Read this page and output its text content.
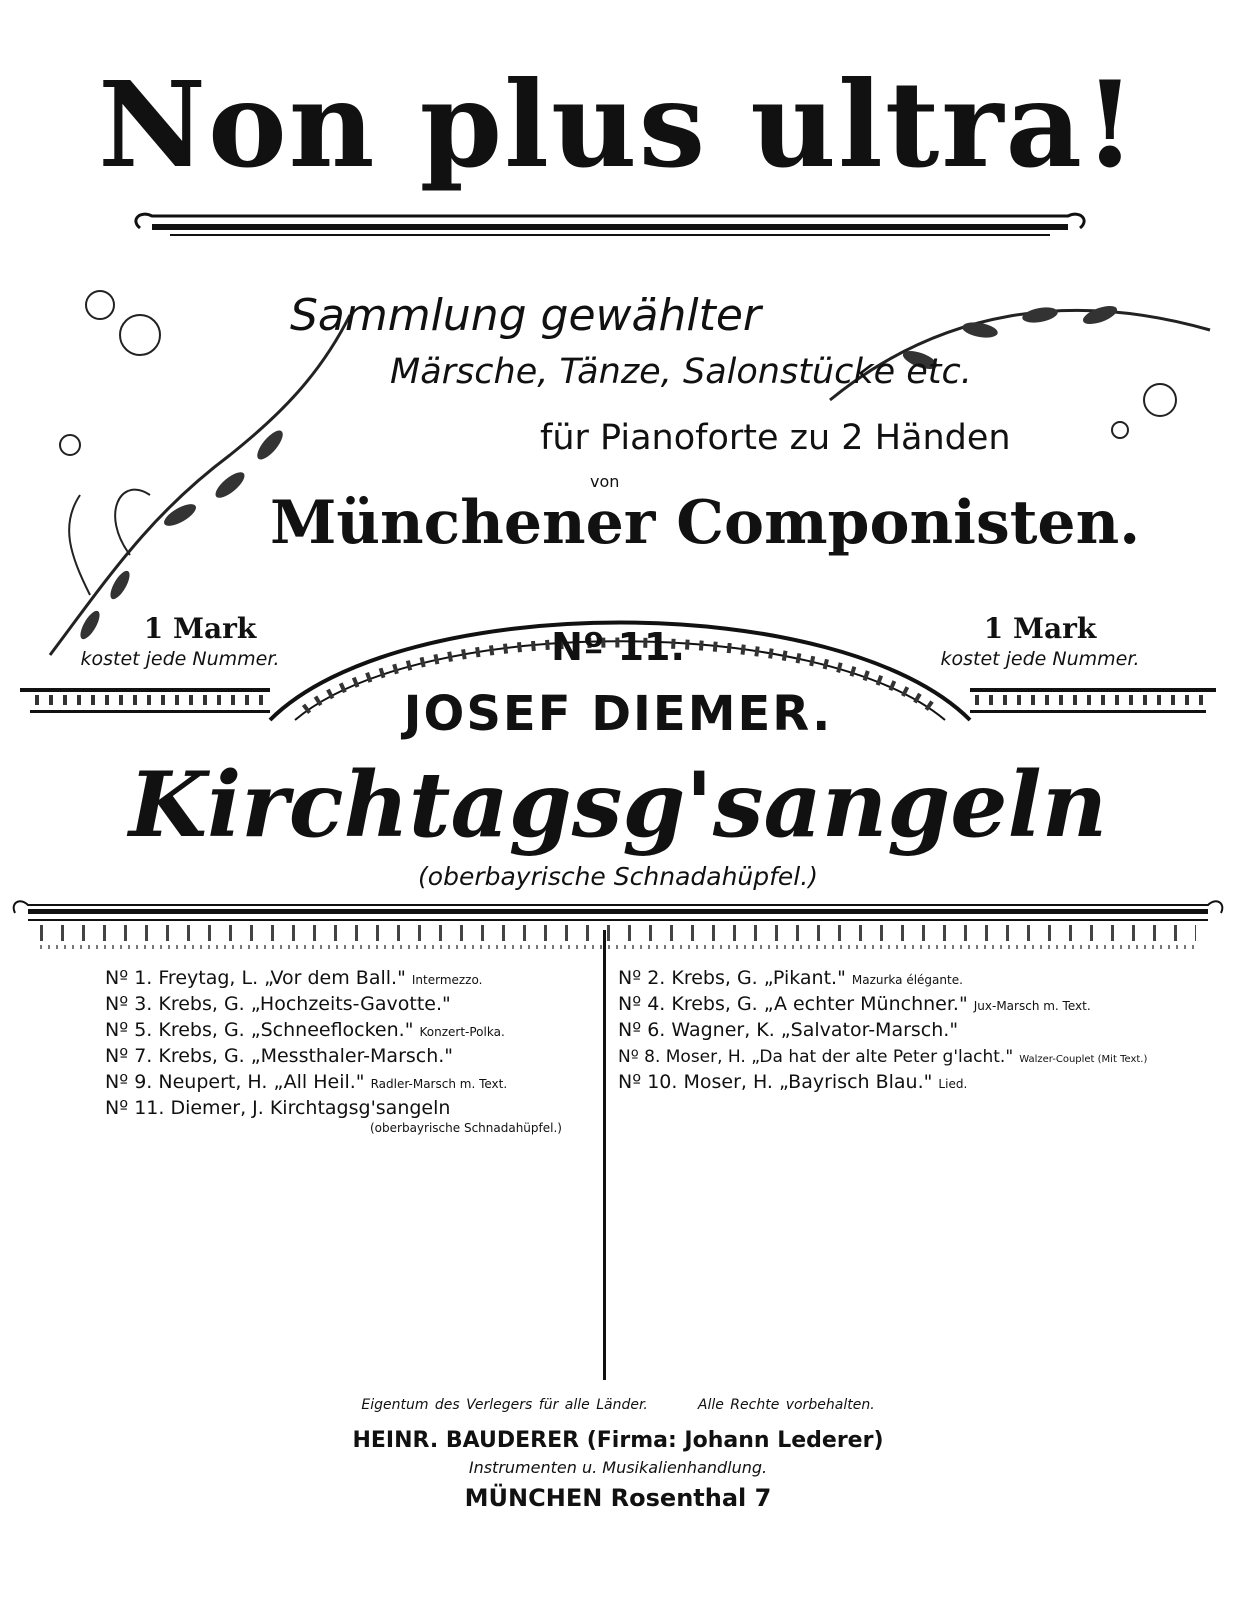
Non plus ultra!
Sammlung gewählter
Märsche, Tänze, Salonstücke etc.
für Pianoforte zu 2 Händen
von
Münchener Componisten.
1 Mark
kostet jede Nummer.
1 Mark
kostet jede Nummer.
Nº 11.
JOSEF DIEMER.
Kirchtagsg'sangeln
(oberbayrische Schnadahüpfel.)
Nº 1. Freytag, L. „Vor dem Ball." Intermezzo.
Nº 3. Krebs, G. „Hochzeits-Gavotte."
Nº 5. Krebs, G. „Schneeflocken." Konzert-Polka.
Nº 7. Krebs, G. „Messthaler-Marsch."
Nº 9. Neupert, H. „All Heil." Radler-Marsch m. Text.
Nº 11. Diemer, J. Kirchtagsg'sangeln
(oberbayrische Schnadahüpfel.)
Nº 2. Krebs, G. „Pikant." Mazurka élégante.
Nº 4. Krebs, G. „A echter Münchner." Jux-Marsch m. Text.
Nº 6. Wagner, K. „Salvator-Marsch."
Nº 8. Moser, H. „Da hat der alte Peter g'lacht." Walzer-Couplet (Mit Text.)
Nº 10. Moser, H. „Bayrisch Blau." Lied.
Eigentum des Verlegers für alle Länder.	Alle Rechte vorbehalten.
HEINR. BAUDERER (Firma: Johann Lederer)
Instrumenten u. Musikalienhandlung.
MÜNCHEN Rosenthal 7
